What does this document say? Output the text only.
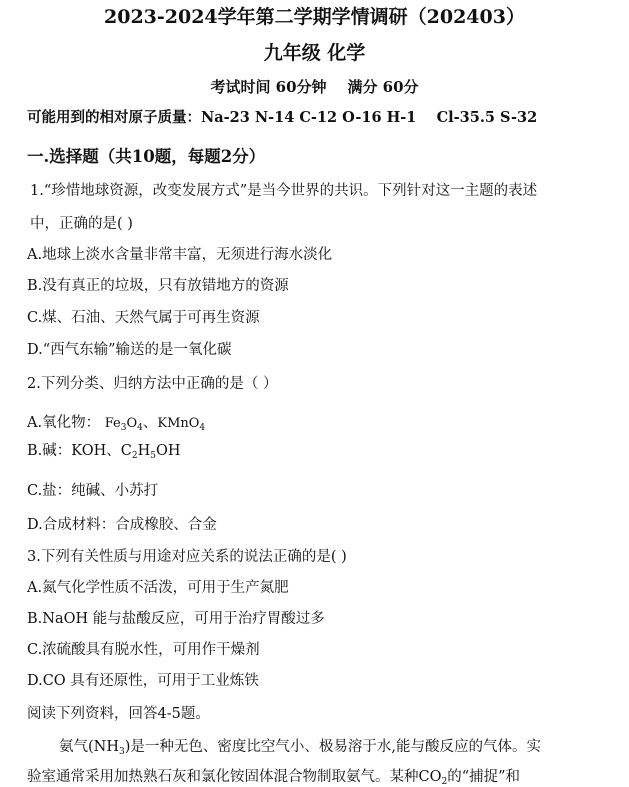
2023-2024学年第二学期学情调研（202403）
九年级 化学
考试时间 60分钟    满分 60分
可能用到的相对原子质量：Na-23 N-14 C-12 O-16 H-1    Cl-35.5 S-32
一.选择题（共10题，每题2分）
1.“珍惜地球资源，改变发展方式”是当今世界的共识。下列针对这一主题的表述
中，正确的是( )
A.地球上淡水含量非常丰富，无须进行海水淡化
B.没有真正的垃圾，只有放错地方的资源
C.煤、石油、天然气属于可再生资源
D.“西气东输”输送的是一氧化碳
2.下列分类、归纳方法中正确的是（ ）
A.氧化物： $Fe_3O_4$、KMnO$_4$
B.碱：KOH、$C_2H_5OH$
C.盐：纯碱、小苏打
D.合成材料：合成橡胶、合金
3.下列有关性质与用途对应关系的说法正确的是( )
A.氮气化学性质不活泼，可用于生产氮肥
B.NaOH 能与盐酸反应，可用于治疗胃酸过多
C.浓硫酸具有脱水性，可用作干燥剂
D.CO 具有还原性，可用于工业炼铁
阅读下列资料，回答4-5题。
氨气$(NH_3)$是一种无色、密度比空气小、极易溶于水,能与酸反应的气体。实
验室通常采用加热熟石灰和氯化铵固体混合物制取氨气。某种$CO_2$的“捕捉”和
